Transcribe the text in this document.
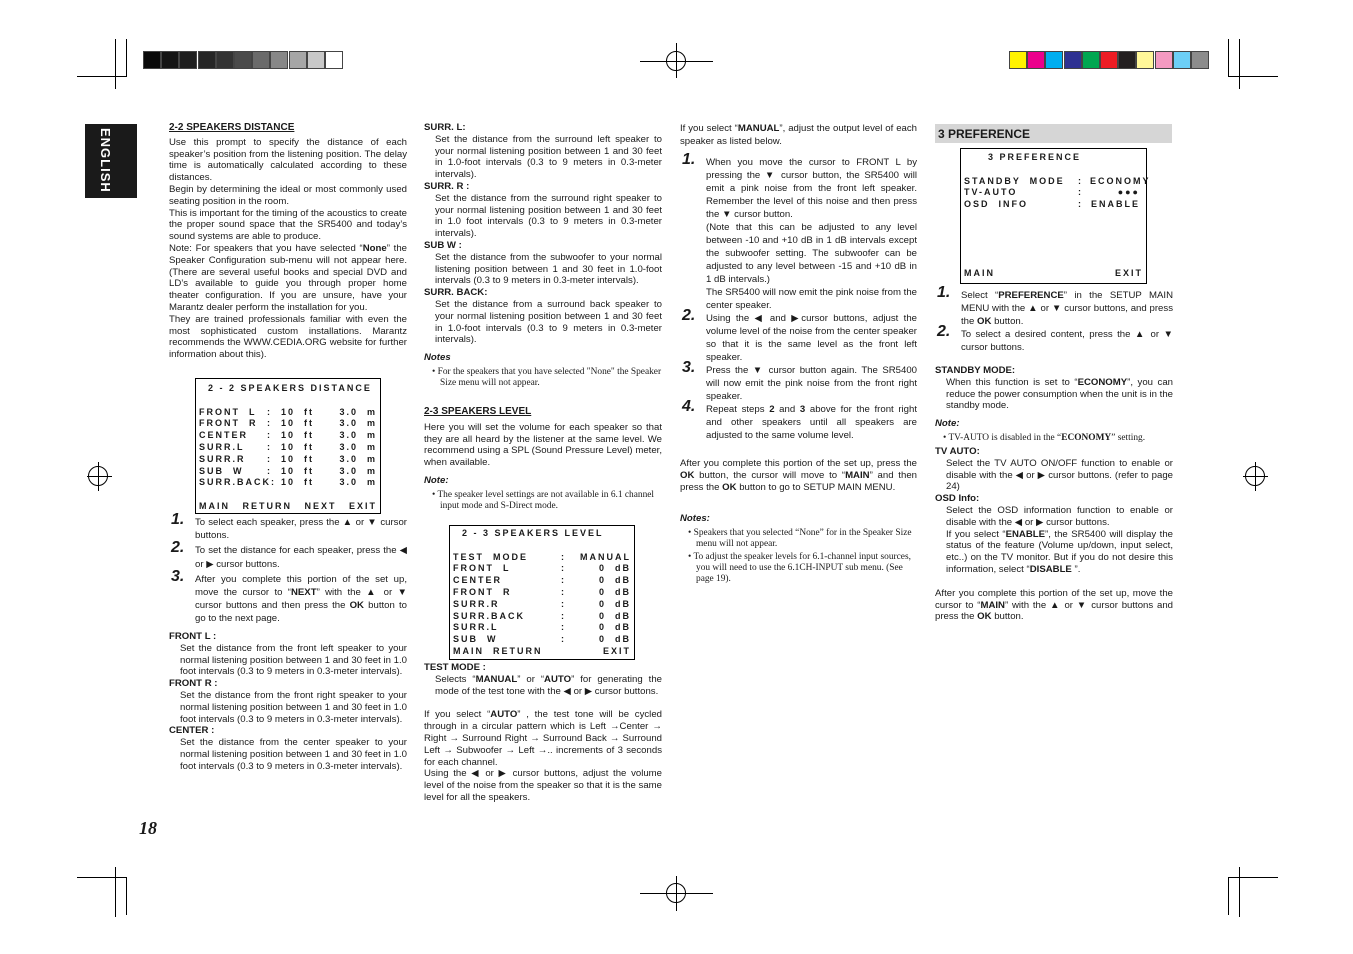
ENGLISH
2-2 SPEAKERS DISTANCE

Use this prompt to specify the distance of each speaker’s position from the listening position. The delay time is automatically calculated according to these distances.

Begin by determining the ideal or most commonly used seating position in the room.

This is important for the timing of the acoustics to create the proper sound space that the SR5400 and today’s sound systems are able to produce.

Note: For speakers that you have selected “None” the Speaker Configuration sub-menu will not appear here. (There are several useful books and special DVD and LD’s available to guide you through proper home theater configuration. If you are unsure, have your Marantz dealer perform the installation for you.

They are trained professionals familiar with even the most sophisticated custom installations. Marantz recommends the WWW.CEDIA.ORG website for further information about this).

2 - 2 SPEAKERS DISTANCE
FRONT  L	:	10  ft	3.0  m
FRONT  R	:	10  ft	3.0  m
CENTER	:	10  ft	3.0  m
SURR.L	:	10  ft	3.0  m
SURR.R	:	10  ft	3.0  m
SUB  W	:	10  ft	3.0  m
SURR.BACK: 10  ft	3.0  m
MAIN RETURN NEXT EXIT

1. To select each speaker, press the ▲ or ▼ cursor buttons.

2. To set the distance for each speaker, press the ◀ or ▶ cursor buttons.

3. After you complete this portion of the set up, move the cursor to “NEXT” with the ▲ or ▼ cursor buttons and then press the OK button to go to the next page.

FRONT L :

Set the distance from the front left speaker to your normal listening position between 1 and 30 feet in 1.0 foot intervals (0.3 to 9 meters in 0.3-meter intervals).

FRONT R :

Set the distance from the front right speaker to your normal listening position between 1 and 30 feet in 1.0 foot intervals (0.3 to 9 meters in 0.3-meter intervals).

CENTER :

Set the distance from the center speaker to your normal listening position between 1 and 30 feet in 1.0 foot intervals (0.3 to 9 meters in 0.3-meter intervals).

18

SURR. L:

Set the distance from the surround left speaker to your normal listening position between 1 and 30 feet in 1.0-foot intervals (0.3 to 9 meters in 0.3-meter intervals).

SURR. R :

Set the distance from the surround right speaker to your normal listening position between 1 and 30 feet in 1.0 foot intervals (0.3 to 9 meters in 0.3-meter intervals).

SUB W :

Set the distance from the subwoofer to your normal listening position between 1 and 30 feet in 1.0-foot intervals (0.3 to 9 meters in 0.3-meter intervals).

SURR. BACK:

Set the distance from a surround back speaker to your normal listening position between 1 and 30 feet in 1.0-foot intervals (0.3 to 9 meters in 0.3-meter intervals).

Notes

• For the speakers that you have selected "None" the Speaker Size menu will not appear.

2-3 SPEAKERS LEVEL

Here you will set the volume for each speaker so that they are all heard by the listener at the same level. We recommend using a SPL (Sound Pressure Level) meter, when available.

Note:

• The speaker level settings are not available in 6.1 channel input mode and S-Direct mode.

2 - 3 SPEAKERS LEVEL
TEST  MODE	:	MANUAL
FRONT  L	:	0  dB
CENTER	:	0  dB
FRONT  R	:	0  dB
SURR.R	:	0  dB
SURR.BACK	:	0  dB
SURR.L	:	0  dB
SUB  W	:	0  dB
MAIN RETURN	EXIT

TEST MODE :

Selects “MANUAL” or “AUTO” for generating the mode of the test tone with the ◀ or ▶ cursor buttons.

If you select “AUTO” , the test tone will be cycled through in a circular pattern which is Left →Center → Right → Surround Right → Surround Back → Surround Left → Subwoofer → Left →.. increments of 3 seconds for each channel.

Using the ◀ or ▶ cursor buttons, adjust the volume level of the noise from the speaker so that it is the same level for all the speakers.

If you select “MANUAL”, adjust the output level of each speaker as listed below.

1. When you move the cursor to FRONT L by pressing the ▼ cursor button, the SR5400 will emit a pink noise from the front left speaker. Remember the level of this noise and then press the ▼ cursor button.

(Note that this can be adjusted to any level between -10 and +10 dB in 1 dB intervals except the subwoofer setting. The subwoofer can be adjusted to any level between -15 and +10 dB in 1 dB intervals.)

The SR5400 will now emit the pink noise from the center speaker.

2. Using the ◀ and ▶cursor buttons, adjust the volume level of the noise from the center speaker so that it is the same level as the front left speaker.

3. Press the ▼ cursor button again. The SR5400 will now emit the pink noise from the front right speaker.

4. Repeat steps 2 and 3 above for the front right and other speakers until all speakers are adjusted to the same volume level.

After you complete this portion of the set up, press the OK button, the cursor will move to “MAIN” and then press the OK button to go to SETUP MAIN MENU.

Notes:

• Speakers that you selected “None” for in the Speaker Size menu will not appear.

• To adjust the speaker levels for 6.1-channel input sources, you will need to use the 6.1CH-INPUT sub menu. (See page 19).

3 PREFERENCE
3 PREFERENCE
STANDBY  MODE	: ECONOMY
TV-AUTO	:	●●●
OSD  INFO	: ENABLE
MAIN	EXIT

1. Select “PREFERENCE” in the SETUP MAIN MENU with the ▲ or ▼ cursor buttons, and press the OK button.

2. To select a desired content, press the ▲ or ▼ cursor buttons.

STANDBY MODE:

When this function is set to “ECONOMY”, you can reduce the power consumption when the unit is in the standby mode.

Note:

• TV-AUTO is disabled in the “ECONOMY” setting.

TV AUTO:

Select the TV AUTO ON/OFF function to enable or disable with the ◀ or ▶ cursor buttons. (refer to page 24)

OSD Info:

Select the OSD information function to enable or disable with the ◀ or ▶ cursor buttons.

If you select “ENABLE”, the SR5400 will display the status of the feature (Volume up/down, input select, etc..) on the TV monitor. But if you do not desire this information, select “DISABLE ”.

After you complete this portion of the set up, move the cursor to “MAIN” with the ▲ or ▼ cursor buttons and press the OK button.
